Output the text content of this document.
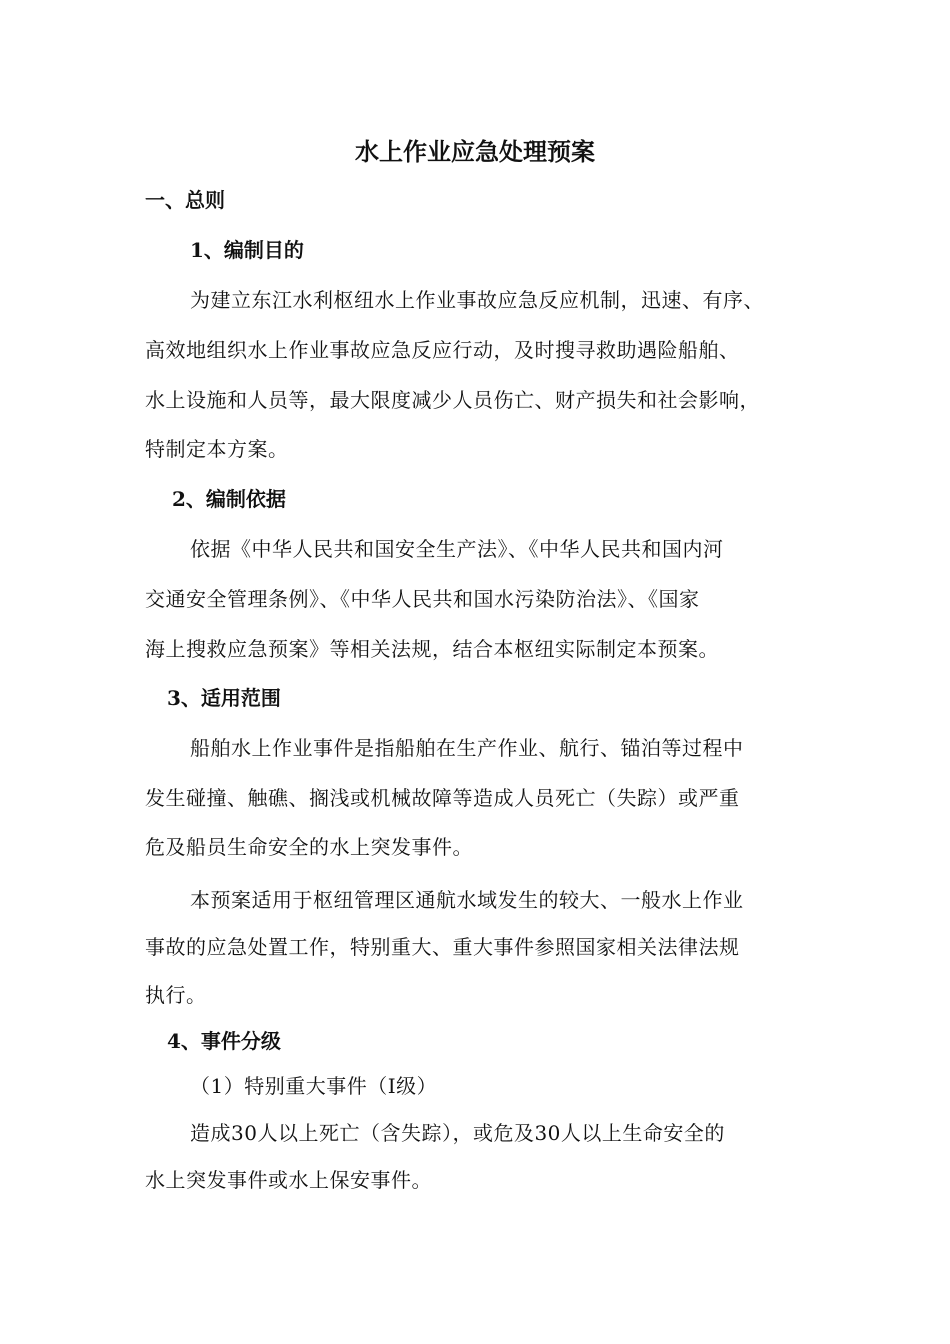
水上作业应急处理预案
一、总则
1、编制目的
为建立东江水利枢纽水上作业事故应急反应机制，迅速、有序、
高效地组织水上作业事故应急反应行动，及时搜寻救助遇险船舶、
水上设施和人员等，最大限度减少人员伤亡、财产损失和社会影响，
特制定本方案。
2、编制依据
依据《中华人民共和国安全生产法》、《中华人民共和国内河
交通安全管理条例》、《中华人民共和国水污染防治法》、《国家
海上搜救应急预案》等相关法规，结合本枢纽实际制定本预案。
3、适用范围
船舶水上作业事件是指船舶在生产作业、航行、锚泊等过程中
发生碰撞、触礁、搁浅或机械故障等造成人员死亡（失踪）或严重
危及船员生命安全的水上突发事件。
本预案适用于枢纽管理区通航水域发生的较大、一般水上作业
事故的应急处置工作，特别重大、重大事件参照国家相关法律法规
执行。
4、事件分级
（1）特别重大事件（I级）
造成30人以上死亡（含失踪），或危及30人以上生命安全的
水上突发事件或水上保安事件。
